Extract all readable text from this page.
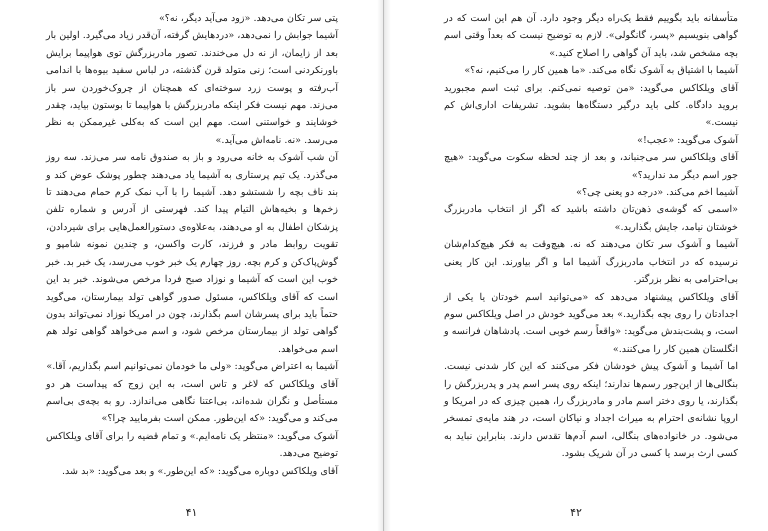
پتی سر تکان می‌دهد. «زود می‌آید دیگر، نه؟»

آشیما جوابش را نمی‌دهد، «دردهایش گرفته، آن‌قدر زیاد می‌گیرد. اولین بار بعد از زایمان، از نه دل می‌خندند. تصور مادربزرگش توی هواپیما برایش باورنکردنی است؛ زنی متولد قرن گذشته، در لباس سفید بیوه‌ها با اندامی آب‌رفته و پوست زرد سوخته‌ای که همچنان از چروک‌خوردن سر باز می‌زند. مهم نیست فکر اینکه مادربزرگش با هواپیما تا بوستون بیاید، چقدر خوشایند و خواستنی است. مهم این است که به‌کلی غیرممکن به نظر می‌رسد. «نه. نامه‌اش می‌آید.»

آن شب آشوک به خانه می‌رود و باز به صندوق نامه سر می‌زند. سه روز می‌گذرد. یک تیم پرستاری به آشیما یاد می‌دهند چطور پوشک عوض کند و بند ناف بچه را شستشو دهد. آشیما را با آب نمک کرم حمام می‌دهند تا زخم‌ها و بخیه‌هاش التیام پیدا کند. فهرستی از آدرس و شماره تلفن پزشکان اطفال به او می‌دهند، به‌علاوه‌ی دستورالعمل‌هایی برای شیردادن، تقویت روابط مادر و فرزند، کارت واکسن، و چندین نمونه شامپو و گوش‌پاک‌کن و کرم بچه. روز چهارم یک خبر خوب می‌رسد، یک خبر بد. خبر خوب این است که آشیما و نوزاد صبح فردا مرخص می‌شوند. خبر بد این است که آقای ویلکاکس، مسئول صدور گواهی تولد بیمارستان، می‌گوید حتماً باید برای پسرشان اسم بگذارند، چون در امریکا نوزاد نمی‌تواند بدون گواهی تولد از بیمارستان مرخص شود، و اسم می‌خواهد گواهی تولد هم اسم می‌خواهد.

آشیما به اعتراض می‌گوید: «ولی ما خودمان نمی‌توانیم اسم بگذاریم، آقا.»

آقای ویلکاکس که لاغر و تاس است، به این زوج که پیداست هر دو مستأصل و نگران شده‌اند، بی‌اعتنا نگاهی می‌اندازد. رو به بچه‌ی بی‌اسم می‌کند و می‌گوید: «که این‌طور. ممکن است بفرمایید چرا؟»

آشوک می‌گوید: «منتظر یک نامه‌ایم.» و تمام قضیه را برای آقای ویلکاکس توضیح می‌دهد.

آقای ویلکاکس دوباره می‌گوید: «که این‌طور.» و بعد می‌گوید: «بد شد.

۴۱

متأسفانه باید بگوییم فقط یک‌راه دیگر وجود دارد. آن هم این است که در گواهی بنویسیم «پسر، گانگولی». لازم به توضیح نیست که بعداً وقتی اسم بچه مشخص شد، باید آن گواهی را اصلاح کنید.»

آشیما با اشتیاق به آشوک نگاه می‌کند. «ما همین کار را می‌کنیم، نه؟»

آقای ویلکاکس می‌گوید: «من توصیه نمی‌کنم. برای ثبت اسم مجبورید بروید دادگاه. کلی باید درگیر دستگاه‌ها بشوید. تشریفات اداری‌اش کم نیست.»

آشوک می‌گوید: «عجب!»

آقای ویلکاکس سر می‌جنباند، و بعد از چند لحظه سکوت می‌گوید: «هیچ جور اسم دیگر مد ندارید؟»

آشیما اخم می‌کند. «درجه دو یعنی چی؟»

«اسمی که گوشه‌ی ذهن‌تان داشته باشید که اگر از انتخاب مادربزرگ خوشتان نیامد، جایش بگذارید.»

آشیما و آشوک سر تکان می‌دهند که نه. هیچ‌وقت به فکر هیچ‌کدام‌شان نرسیده که در انتخاب مادربزرگ آشیما اما و اگر بیاورند. این کار یعنی بی‌احترامی به نظر بزرگتر.

آقای ویلکاکس پیشنهاد می‌دهد که «می‌توانید اسم خودتان یا یکی از اجدادتان را روی بچه بگذارید.» بعد می‌گوید خودش در اصل ویلکاکس سوم است، و پشت‌بندش می‌گوید: «واقعاً رسم خوبی است. پادشاهان فرانسه و انگلستان همین کار را می‌کنند.»

اما آشیما و آشوک پیش خودشان فکر می‌کنند که این کار شدنی نیست. بنگالی‌ها از این‌جور رسم‌ها ندارند؛ اینکه روی پسر اسم پدر و پدربزرگش را بگذارند، یا روی دختر اسم مادر و مادربزرگ را، همین چیزی که در امریکا و اروپا نشانه‌ی احترام به میراث اجداد و نیاکان است، در هند مایه‌ی تمسخر می‌شود. در خانواده‌های بنگالی، اسم آدم‌ها تقدس دارند. بنابراین نباید به کسی ارث برسد یا کسی در آن شریک بشود.

۴۲
